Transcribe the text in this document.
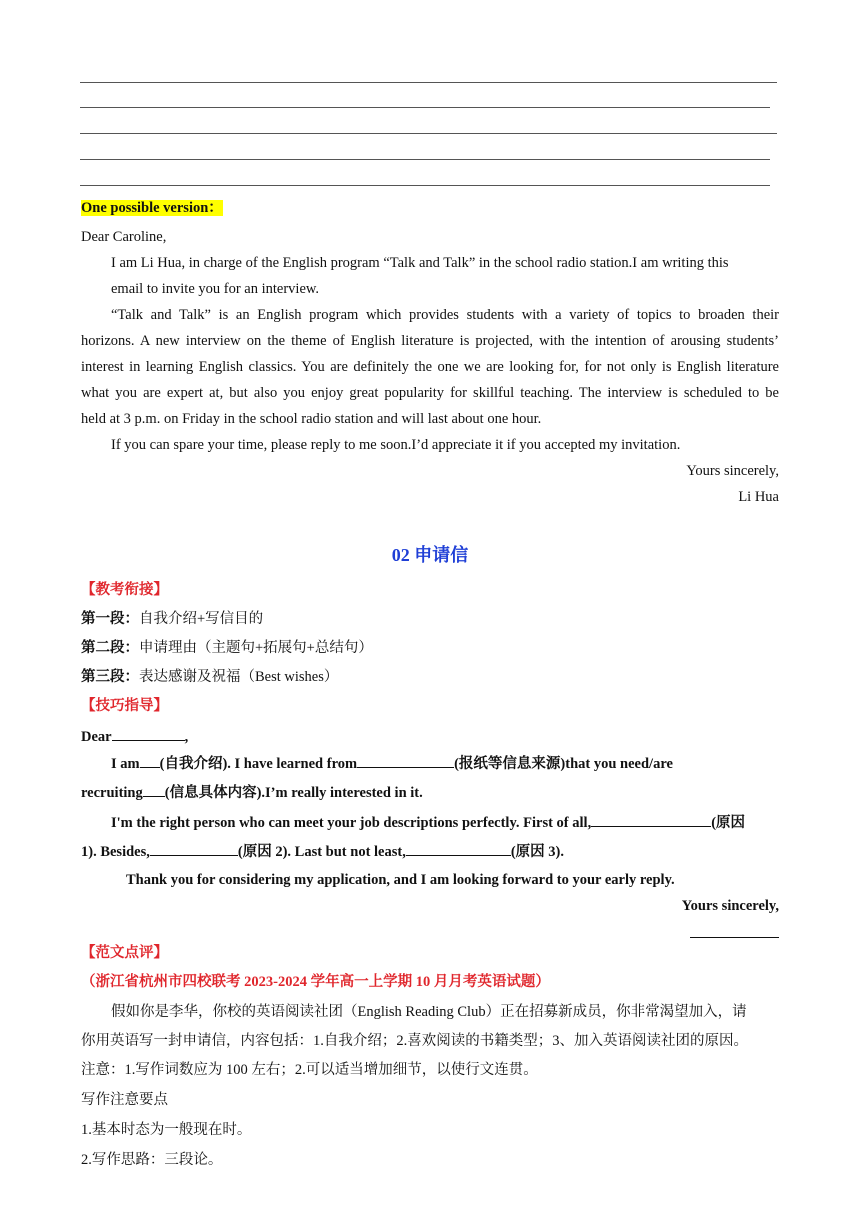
One possible version：
Dear Caroline,
I am Li Hua, in charge of the English program “Talk and Talk” in the school radio station.I am writing this
email to invite you for an interview.
“Talk and Talk” is an English program which provides students with a variety of topics to broaden their
horizons. A new interview on the theme of English literature is projected, with the intention of arousing students’
interest in learning English classics. You are definitely the one we are looking for, for not only is English literature
what you are expert at, but also you enjoy great popularity for skillful teaching. The interview is scheduled to be
held at 3 p.m. on Friday in the school radio station and will last about one hour.
If you can spare your time, please reply to me soon.I’d appreciate it if you accepted my invitation.
Yours sincerely,
Li Hua
02 申请信
【教考衔接】
第一段：自我介绍+写信目的
第二段：申请理由（主题句+拓展句+总结句）
第三段：表达感谢及祝福（Best wishes）
【技巧指导】
Dear	,
I am (自我介绍). I have learned from	(报纸等信息来源)that you need/are
recruiting (信息具体内容).I’m really interested in it.
I'm the right person who can meet your job descriptions perfectly. First of all,	(原因
1). Besides,	(原因 2). Last but not least,	(原因 3).
Thank you for considering my application, and I am looking forward to your early reply.
Yours sincerely,
【范文点评】
（浙江省杭州市四校联考 2023-2024 学年高一上学期 10 月月考英语试题）
假如你是李华，你校的英语阅读社团（English Reading Club）正在招募新成员，你非常渴望加入，请
你用英语写一封申请信，内容包括：1.自我介绍；2.喜欢阅读的书籍类型；3、加入英语阅读社团的原因。
注意：1.写作词数应为 100 左右；2.可以适当增加细节，以使行文连贯。
写作注意要点
1.基本时态为一般现在时。
2.写作思路：三段论。
